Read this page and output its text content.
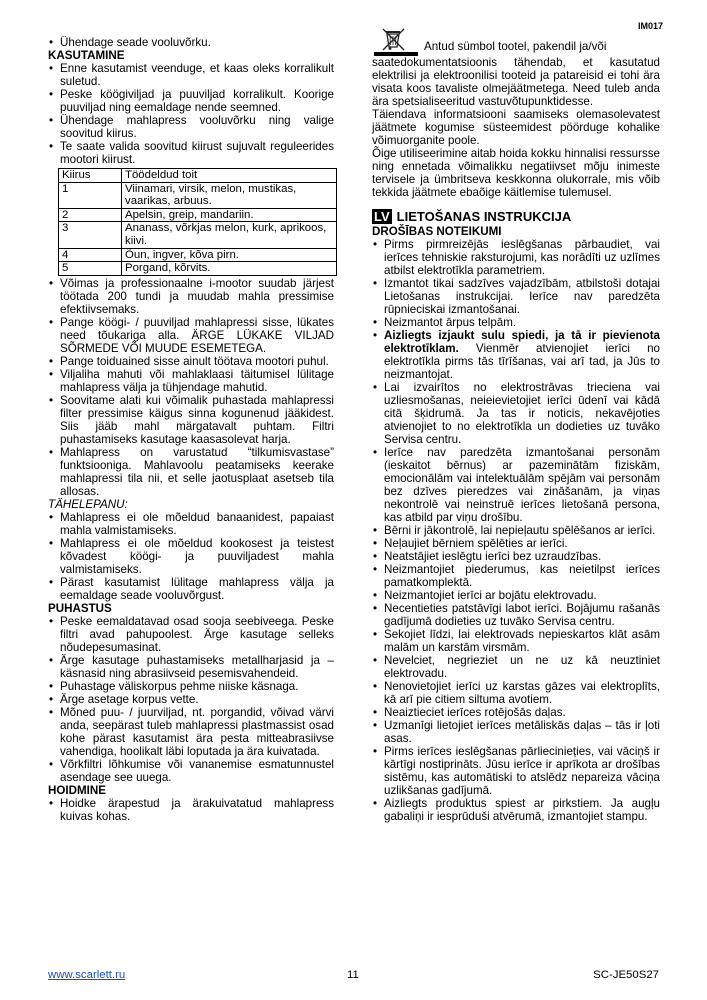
IM017
• Ühendage seade vooluvõrku.
KASUTAMINE
• Enne kasutamist veenduge, et kaas oleks korralikult suletud.
• Peske köögiviljad ja puuviljad korralikult. Koorige puuviljad ning eemaldage nende seemned.
• Ühendage mahlapress vooluvõrku ning valige soovitud kiirus.
• Te saate valida soovitud kiirust sujuvalt reguleerides mootori kiirust.
Kiirus	Töödeldud toit
1	Viinamari, virsik, melon, mustikas, vaarikas, arbuus.
2	Apelsin, greip, mandariin.
3	Ananass, võrkjas melon, kurk, aprikoos, kiivi.
4	Õun, ingver, kõva pirn.
5	Porgand, kõrvits.
• Võimas ja professionaalne i-mootor suudab järjest töötada 200 tundi ja muudab mahla pressimise efektiivsemaks.
• Pange köögi- / puuviljad mahlapressi sisse, lükates need tõukariga alla. ÄRGE LÜKAKE VILJAD SÕRMEDE VÕI MUUDE ESEMETEGA.
• Pange toiduained sisse ainult töötava mootori puhul.
• Viljaliha mahuti või mahlaklaasi täitumisel lülitage mahlapress välja ja tühjendage mahutid.
• Soovitame alati kui võimalik puhastada mahlapressi filter pressimise käigus sinna kogunenud jääkidest. Siis jääb mahl märgatavalt puhtam. Filtri puhastamiseks kasutage kaasasolevat harja.
• Mahlapress on varustatud “tilkumisvastase” funktsiooniga. Mahlavoolu peatamiseks keerake mahlapressi tila nii, et selle jaotusplaat asetseb tila allosas.
TÄHELEPANU:
• Mahlapress ei ole mõeldud banaanidest, papaiast mahla valmistamiseks.
• Mahlapress ei ole mõeldud kookosest ja teistest kõvadest köögi- ja puuviljadest mahla valmistamiseks.
• Pärast kasutamist lülitage mahlapress välja ja eemaldage seade vooluvõrgust.
PUHASTUS
• Peske eemaldatavad osad sooja seebiveega. Peske filtri avad pahupoolest. Ärge kasutage selleks nõudepesumasinat.
• Ärge kasutage puhastamiseks metallharjasid ja – käsnasid ning abrasiivseid pesemisvahendeid.
• Puhastage väliskorpus pehme niiske käsnaga.
• Ärge asetage korpus vette.
• Mõned puu- / juurviljad, nt. porgandid, võivad värvi anda, seepärast tuleb mahlapressi plastmassist osad kohe pärast kasutamist ära pesta mitteabrasiivse vahendiga, hoolikalt läbi loputada ja ära kuivatada.
• Võrkfiltri lõhkumise või vananemise esmatunnustel asendage see uuega.
HOIDMINE
• Hoidke ärapestud ja ärakuivatatud mahlapress kuivas kohas.
Antud sümbol tootel, pakendil ja/või
saatedokumentatsioonis tähendab, et kasutatud elektrilisi ja elektroonilisi tooteid ja patareisid ei tohi ära visata koos tavaliste olmejäätmetega. Need tuleb anda ära spetsialiseeritud vastuvõtupunktidesse.
Täiendava informatsiooni saamiseks olemasolevatest jäätmete kogumise süsteemidest pöörduge kohalike võimuorganite poole.
Õige utiliseerimine aitab hoida kokku hinnalisi ressursse ning ennetada võimalikku negatiivset mõju inimeste tervisele ja ümbritseva keskkonna olukorrale, mis võib tekkida jäätmete ebaõige käitlemise tulemusel.
LV LIETOŠANAS INSTRUKCIJA
DROŠĪBAS NOTEIKUMI
• Pirms pirmreizējās ieslēgšanas pārbaudiet, vai ierīces tehniskie raksturojumi, kas norādīti uz uzlīmes atbilst elektrotīkla parametriem.
• Izmantot tikai sadzīves vajadzībām, atbilstoši dotajai Lietošanas instrukcijai. Ierīce nav paredzēta rūpnieciskai izmantošanai.
• Neizmantot ārpus telpām.
• Aizliegts izjaukt sulu spiedi, ja tā ir pievienota elektrotīklam. Vienmēr atvienojiet ierīci no elektrotīkla pirms tās tīrīšanas, vai arī tad, ja Jūs to neizmantojat.
• Lai izvairītos no elektrostrāvas trieciena vai uzliesmošanas, neieievietojiet ierīci ūdenī vai kādā citā šķidrumā. Ja tas ir noticis, nekavējoties atvienojiet to no elektrotīkla un dodieties uz tuvāko Servisa centru.
• Ierīce nav paredzēta izmantošanai personām (ieskaitot bērnus) ar pazeminātām fiziskām, emocionālām vai intelektuālām spējām vai personām bez dzīves pieredzes vai zināšanām, ja viņas nekontrolē vai neinstruē ierīces lietošanā persona, kas atbild par viņu drošību.
• Bērni ir jākontrolē, lai nepieļautu spēlēšanos ar ierīci.
• Neļaujiet bērniem spēlēties ar ierīci.
• Neatstājiet ieslēgtu ierīci bez uzraudzības.
• Neizmantojiet piederumus, kas neietilpst ierīces pamatkomplektā.
• Neizmantojiet ierīci ar bojātu elektrovadu.
• Necentieties patstāvīgi labot ierīci. Bojājumu rašanās gadījumā dodieties uz tuvāko Servisa centru.
• Sekojiet līdzi, lai elektrovads nepieskartos klāt asām malām un karstām virsmām.
• Nevelciet, negrieziet un ne uz kā neuztiniet elektrovadu.
• Nenovietojiet ierīci uz karstas gāzes vai elektroplīts, kā arī pie citiem siltuma avotiem.
• Neaiztieciet ierīces rotējošās daļas.
• Uzmanīgi lietojiet ierīces metāliskās daļas – tās ir ļoti asas.
• Pirms ierīces ieslēgšanas pārlieciniețies, vai vāciņš ir kārtīgi nostiprināts. Jūsu ierīce ir aprīkota ar drošības sistēmu, kas automātiski to atslēdz nepareiza vāciņa uzlikšanas gadījumā.
• Aizliegts produktus spiest ar pirkstiem. Ja augļu gabaliņi ir iesprūduši atvērumā, izmantojiet stampu.
www.scarlett.ru	11	SC-JE50S27
